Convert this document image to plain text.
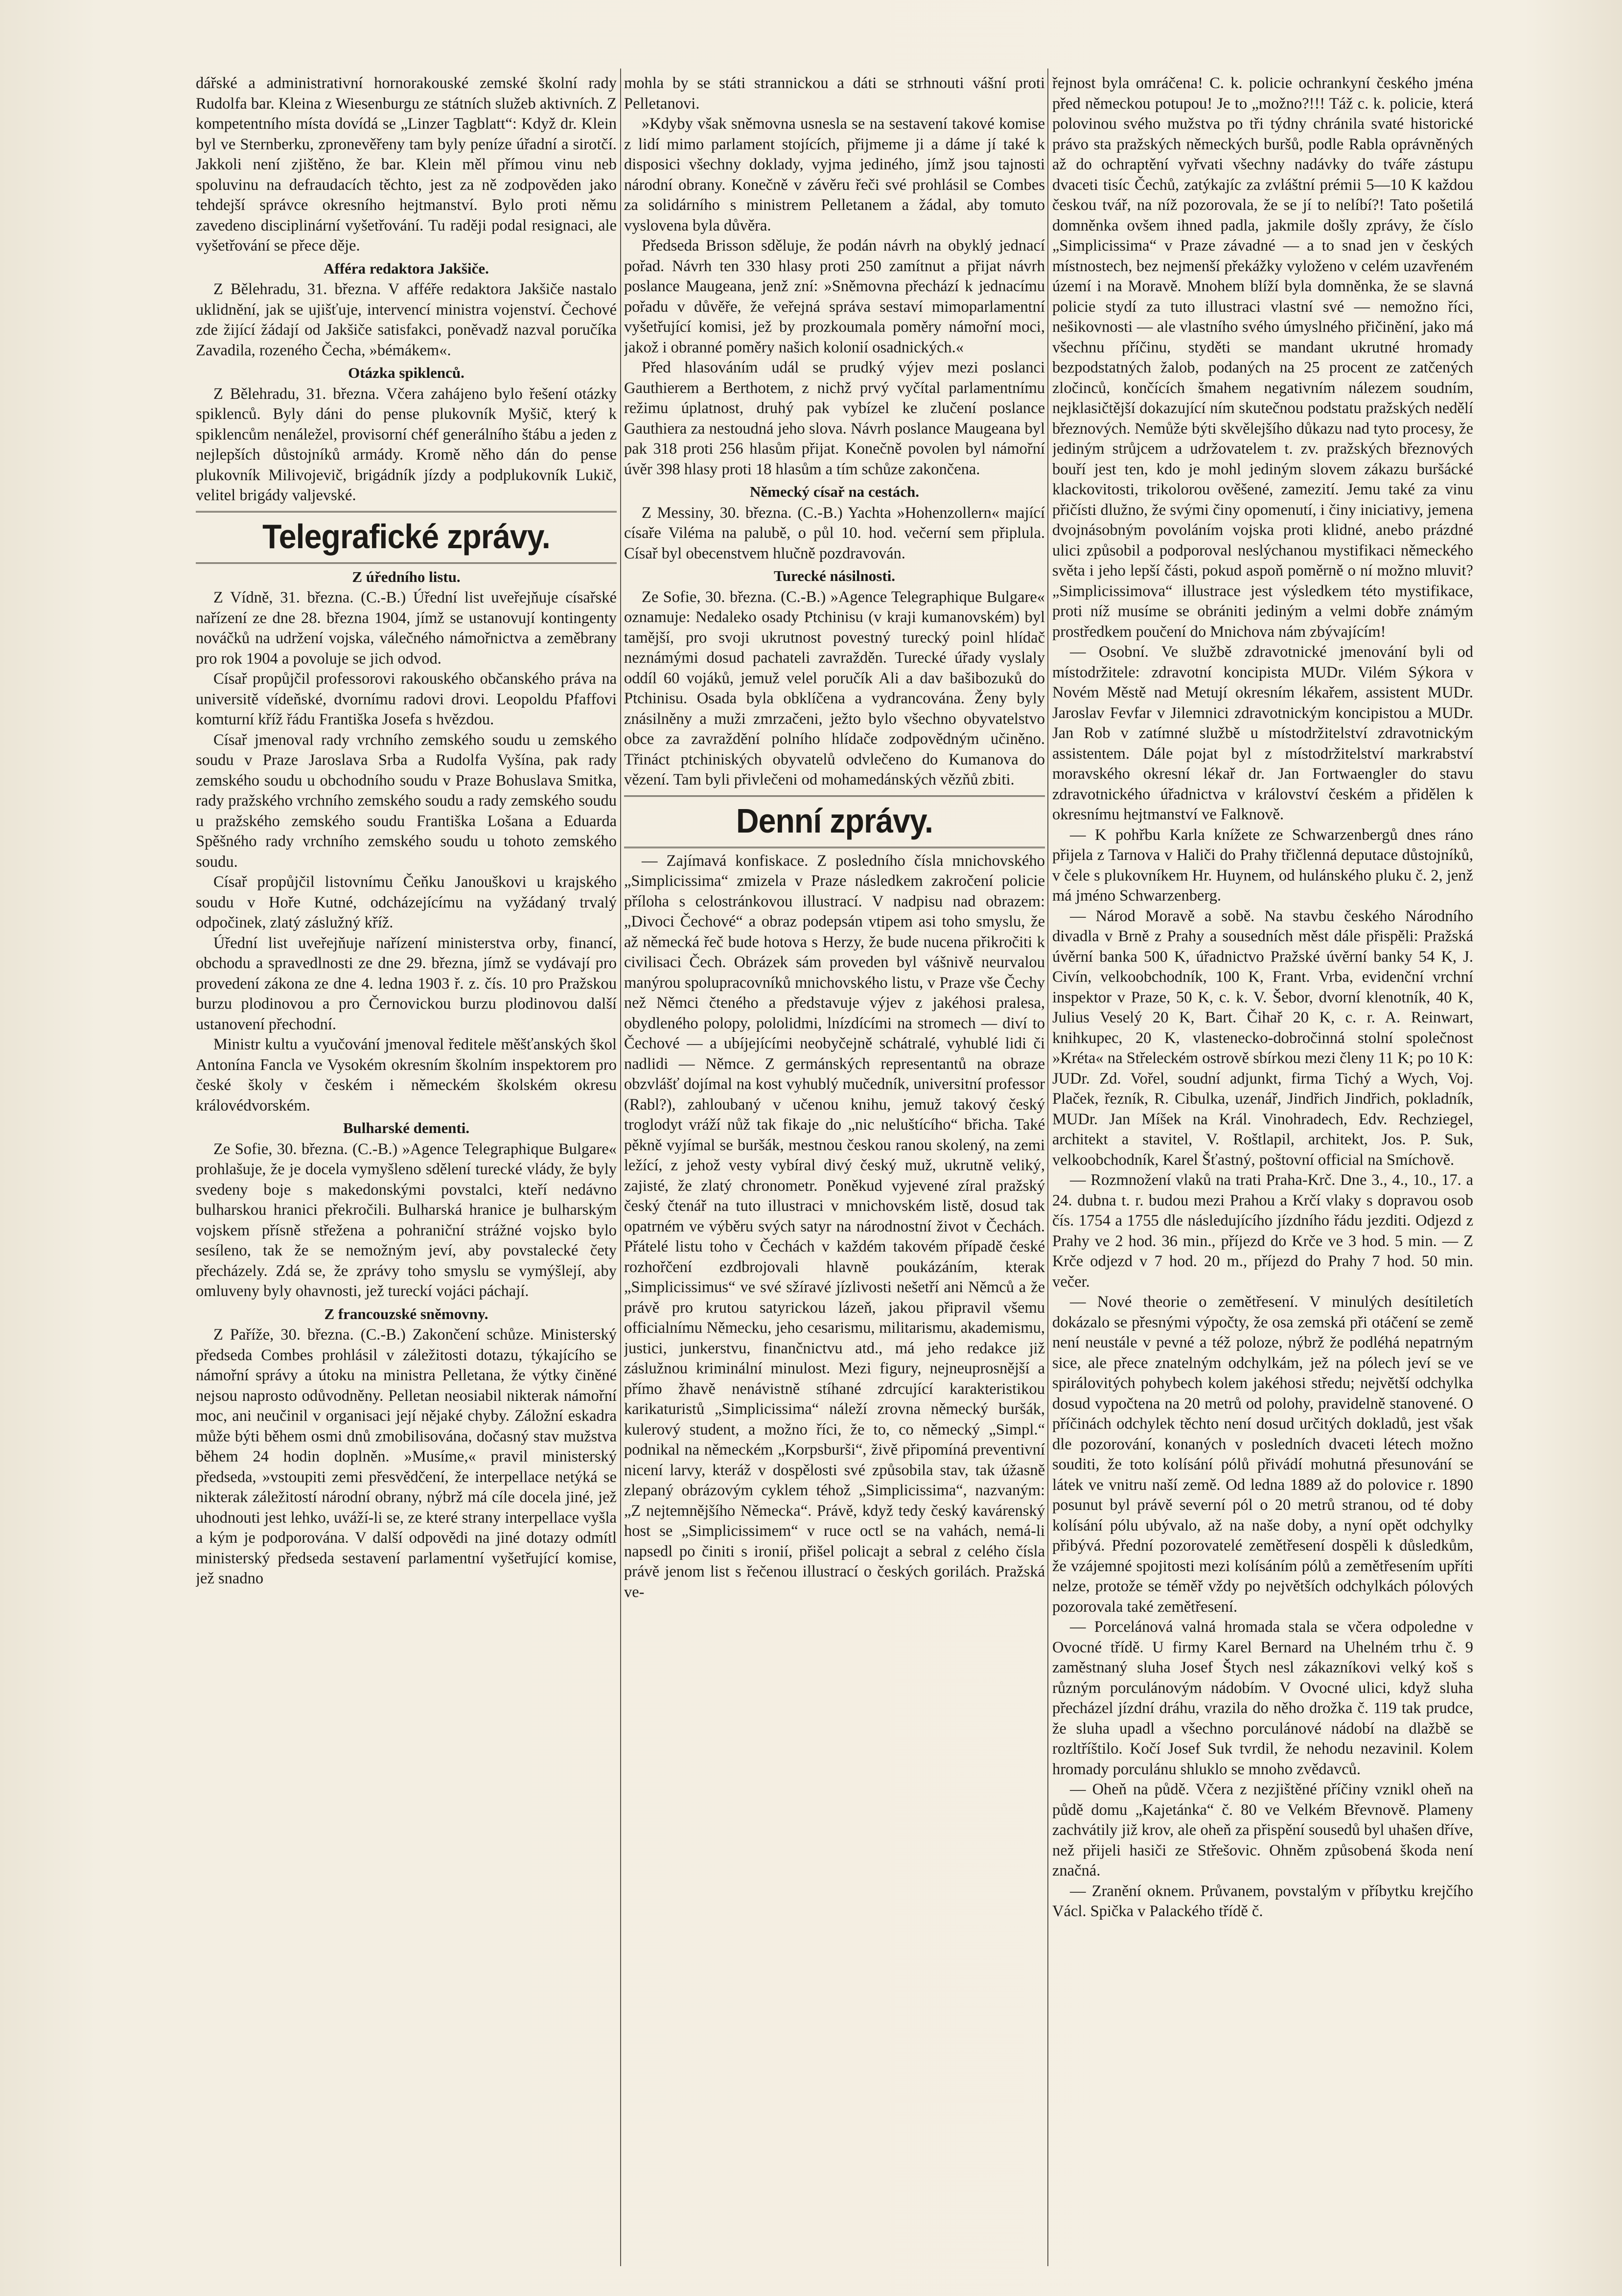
dářské a administrativní hornorakouské zemské školní rady Rudolfa bar. Kleina z Wiesenburgu ze státních služeb aktivních. Z kompetentního místa dovídá se „Linzer Tagblatt“: Když dr. Klein byl ve Sternberku, zpronevěřeny tam byly peníze úřadní a sirotčí. Jakkoli není zjištěno, že bar. Klein měl přímou vinu neb spoluvinu na defraudacích těchto, jest za ně zodpověden jako tehdejší správce okresního hejtmanství. Bylo proti němu zavedeno disciplinární vyšetřování. Tu raději podal resignaci, ale vyšetřování se přece děje.

Afféra redaktora Jakšiče.

Z Bělehradu, 31. března. V afféře redaktora Jakšiče nastalo uklidnění, jak se ujišťuje, intervencí ministra vojenství. Čechové zde žijící žádají od Jakšiče satisfakci, poněvadž nazval poručíka Zavadila, rozeného Čecha, »bémákem«.

Otázka spiklenců.

Z Bělehradu, 31. března. Včera zahájeno bylo řešení otázky spiklenců. Byly dáni do pense plukovník Myšič, který k spiklencům nenáležel, provisorní chéf generálního štábu a jeden z nejlepších důstojníků armády. Kromě něho dán do pense plukovník Milivojevič, brigádník jízdy a podplukovník Lukič, velitel brigády valjevské.

Telegrafické zprávy.
Z úředního listu.

Z Vídně, 31. března. (C.-B.) Úřední list uveřejňuje císařské nařízení ze dne 28. března 1904, jímž se ustanovují kontingenty nováčků na udržení vojska, válečného námořnictva a zeměbrany pro rok 1904 a povoluje se jich odvod.

Císař propůjčil professorovi rakouského občanského práva na universitě vídeňské, dvornímu radovi drovi. Leopoldu Pfaffovi komturní kříž řádu Františka Josefa s hvězdou.

Císař jmenoval rady vrchního zemského soudu u zemského soudu v Praze Jaroslava Srba a Rudolfa Vyšína, pak rady zemského soudu u obchodního soudu v Praze Bohuslava Smitka, rady pražského vrchního zemského soudu a rady zemského soudu u pražského zemského soudu Františka Lošana a Eduarda Spěšného rady vrchního zemského soudu u tohoto zemského soudu.

Císař propůjčil listovnímu Čeňku Janouškovi u krajského soudu v Hoře Kutné, odcházejícímu na vyžádaný trvalý odpočinek, zlatý záslužný kříž.

Úřední list uveřejňuje nařízení ministerstva orby, financí, obchodu a spravedlnosti ze dne 29. března, jímž se vydávají pro provedení zákona ze dne 4. ledna 1903 ř. z. čís. 10 pro Pražskou burzu plodinovou a pro Černovickou burzu plodinovou další ustanovení přechodní.

Ministr kultu a vyučování jmenoval ředitele měšťanských škol Antonína Fancla ve Vysokém okresním školním inspektorem pro české školy v českém i německém školském okresu královédvorském.

Bulharské dementi.

Ze Sofie, 30. března. (C.-B.) »Agence Telegraphique Bulgare« prohlašuje, že je docela vymyšleno sdělení turecké vlády, že byly svedeny boje s makedonskými povstalci, kteří nedávno bulharskou hranici překročili. Bulharská hranice je bulharským vojskem přísně střežena a pohraniční strážné vojsko bylo sesíleno, tak že se nemožným jeví, aby povstalecké čety přecházely. Zdá se, že zprávy toho smyslu se vymýšlejí, aby omluveny byly ohavnosti, jež tureckí vojáci páchají.

Z francouzské sněmovny.

Z Paříže, 30. března. (C.-B.) Zakončení schůze. Ministerský předseda Combes prohlásil v záležitosti dotazu, týkajícího se námořní správy a útoku na ministra Pelletana, že výtky činěné nejsou naprosto odůvodněny. Pelletan neosiabil nikterak námořní moc, ani neučinil v organisaci její nějaké chyby. Záložní eskadra může býti během osmi dnů zmobilisována, dočasný stav mužstva během 24 hodin doplněn. »Musíme,« pravil ministerský předseda, »vstoupiti zemi přesvědčení, že interpellace netýká se nikterak záležitostí národní obrany, nýbrž má cíle docela jiné, jež uhodnouti jest lehko, uváží-li se, ze které strany interpellace vyšla a kým je podporována. V další odpovědi na jiné dotazy odmítl ministerský předseda sestavení parlamentní vyšetřující komise, jež snadno

mohla by se státi strannickou a dáti se strhnouti vášní proti Pelletanovi.

»Kdyby však sněmovna usnesla se na sestavení takové komise z lidí mimo parlament stojících, přijmeme ji a dáme jí také k disposici všechny doklady, vyjma jediného, jímž jsou tajnosti národní obrany. Konečně v závěru řeči své prohlásil se Combes za solidárního s ministrem Pelletanem a žádal, aby tomuto vyslovena byla důvěra.

Předseda Brisson sděluje, že podán návrh na obyklý jednací pořad. Návrh ten 330 hlasy proti 250 zamítnut a přijat návrh poslance Maugeana, jenž zní: »Sněmovna přechází k jednacímu pořadu v důvěře, že veřejná správa sestaví mimoparlamentní vyšetřující komisi, jež by prozkoumala poměry námořní moci, jakož i obranné poměry našich kolonií osadnických.«

Před hlasováním udál se prudký výjev mezi poslanci Gauthierem a Berthotem, z nichž prvý vyčítal parlamentnímu režimu úplatnost, druhý pak vybízel ke zlučení poslance Gauthiera za nestoudná jeho slova. Návrh poslance Maugeana byl pak 318 proti 256 hlasům přijat. Konečně povolen byl námořní úvěr 398 hlasy proti 18 hlasům a tím schůze zakončena.

Německý císař na cestách.

Z Messiny, 30. března. (C.-B.) Yachta »Hohenzollern« mající císaře Viléma na palubě, o půl 10. hod. večerní sem připlula. Císař byl obecenstvem hlučně pozdravován.

Turecké násilnosti.

Ze Sofie, 30. března. (C.-B.) »Agence Telegraphique Bulgare« oznamuje: Nedaleko osady Ptchinisu (v kraji kumanovském) byl tamější, pro svoji ukrutnost povestný turecký poinl hlídač neznámými dosud pachateli zavražděn. Turecké úřady vyslaly oddíl 60 vojáků, jemuž velel poručík Ali a dav bašibozuků do Ptchinisu. Osada byla obklíčena a vydrancována. Ženy byly znásilněny a muži zmrzačeni, ježto bylo všechno obyvatelstvo obce za zavraždění polního hlídače zodpovědným učiněno. Třináct ptchiniských obyvatelů odvlečeno do Kumanova do vězení. Tam byli přivlečeni od mohamedánských vězňů zbiti.

Denní zprávy.

— Zajímavá konfiskace. Z posledního čísla mnichovského „Simplicissima“ zmizela v Praze následkem zakročení policie příloha s celostránkovou illustrací. V nadpisu nad obrazem: „Divoci Čechové“ a obraz podepsán vtipem asi toho smyslu, že až německá řeč bude hotova s Herzy, že bude nucena přikročiti k civilisaci Čech. Obrázek sám proveden byl vášnivě neurvalou manýrou spolupracovníků mnichovského listu, v Praze vše Čechy než Němci čteného a představuje výjev z jakéhosi pralesa, obydleného polopy, pololidmi, lnízdícími na stromech — diví to Čechové — a ubíjejícími neobyčejně schátralé, vyhublé lidi či nadlidi — Němce. Z germánských representantů na obraze obzvlášť dojímal na kost vyhublý mučedník, universitní professor (Rabl?), zahloubaný v učenou knihu, jemuž takový český troglodyt vráží nůž tak fikaje do „nic neluštícího“ břicha. Také pěkně vyjímal se buršák, mestnou českou ranou skolený, na zemi ležící, z jehož vesty vybíral divý český muž, ukrutně veliký, zajisté, že zlatý chronometr. Poněkud vyjevené zíral pražský český čtenář na tuto illustraci v mnichovském listě, dosud tak opatrném ve výběru svých satyr na národnostní život v Čechách. Přátelé listu toho v Čechách v každém takovém případě české rozhořčení ezdbrojovali hlavně poukázáním, kterak „Simplicissimus“ ve své sžíravé jízlivosti nešetří ani Němců a že právě pro krutou satyrickou lázeň, jakou připravil všemu officialnímu Německu, jeho cesarismu, militarismu, akademismu, justici, junkerstvu, finančnictvu atd., má jeho redakce již záslužnou kriminální minulost. Mezi figury, nejneuprosnější a přímo žhavě nenávistně stíhané zdrcující karakteristikou karikaturistů „Simplicissima“ náleží zrovna německý buršák, kulerový student, a možno říci, že to, co německý „Simpl.“ podnikal na německém „Korpsburši“, živě připomíná preventivní nicení larvy, kteráž v dospělosti své způsobila stav, tak úžasně zlepaný obrázovým cyklem téhož „Simplicissima“, nazvaným: „Z nejtemnějšího Německa“. Právě, když tedy český kavárenský host se „Simplicissimem“ v ruce octl se na vahách, nemá-li napsedl po činiti s ironií, přišel policajt a sebral z celého čísla právě jenom list s řečenou illustrací o českých gorilách. Pražská ve-

řejnost byla omráčena! C. k. policie ochrankyní českého jména před německou potupou! Je to „možno?!!! Táž c. k. policie, která polovinou svého mužstva po tři týdny chránila svaté historické právo sta pražských německých buršů, podle Rabla oprávněných až do ochraptění vyřvati všechny nadávky do tváře zástupu dvaceti tisíc Čechů, zatýkajíc za zvláštní prémii 5—10 K každou českou tvář, na níž pozorovala, že se jí to nelíbí?! Tato pošetilá domněnka ovšem ihned padla, jakmile došly zprávy, že číslo „Simplicissima“ v Praze závadné — a to snad jen v českých místnostech, bez nejmenší překážky vyloženo v celém uzavřeném území i na Moravě. Mnohem blíží byla domněnka, že se slavná policie stydí za tuto illustraci vlastní své — nemožno říci, nešikovnosti — ale vlastního svého úmyslného přičinění, jako má všechnu příčinu, styděti se mandant ukrutné hromady bezpodstatných žalob, podaných na 25 procent ze zatčených zločinců, končících šmahem negativním nálezem soudním, nejklasičtější dokazující ním skutečnou podstatu pražských nedělí březnových. Nemůže býti skvělejšího důkazu nad tyto procesy, že jediným strůjcem a udržovatelem t. zv. pražských březnových bouří jest ten, kdo je mohl jediným slovem zákazu buršácké klackovitosti, trikolorou ověšené, zamezití. Jemu také za vinu přičísti dlužno, že svými činy opomenutí, i činy iniciativy, jemena dvojnásobným povoláním vojska proti klidné, anebo prázdné ulici způsobil a podporoval neslýchanou mystifikaci německého světa i jeho lepší části, pokud aspoň poměrně o ní možno mluvit? „Simplicissimova“ illustrace jest výsledkem této mystifikace, proti níž musíme se obrániti jediným a velmi dobře známým prostředkem poučení do Mnichova nám zbývajícím!

— Osobní. Ve službě zdravotnické jmenování byli od místodržitele: zdravotní koncipista MUDr. Vilém Sýkora v Novém Městě nad Metují okresním lékařem, assistent MUDr. Jaroslav Fevfar v Jilemnici zdravotnickým koncipistou a MUDr. Jan Rob v zatímné službě u místodržitelství zdravotnickým assistentem. Dále pojat byl z místodržitelství markrabství moravského okresní lékař dr. Jan Fortwaengler do stavu zdravotnického úřadnictva v království českém a přidělen k okresnímu hejtmanství ve Falknově.

— K pohřbu Karla knížete ze Schwarzenbergů dnes ráno přijela z Tarnova v Haliči do Prahy třičlenná deputace důstojníků, v čele s plukovníkem Hr. Huynem, od hulánského pluku č. 2, jenž má jméno Schwarzenberg.

— Národ Moravě a sobě. Na stavbu českého Národního divadla v Brně z Prahy a sousedních měst dále přispěli: Pražská úvěrní banka 500 K, úřadnictvo Pražské úvěrní banky 54 K, J. Civín, velkoobchodník, 100 K, Frant. Vrba, evidenční vrchní inspektor v Praze, 50 K, c. k. V. Šebor, dvorní klenotník, 40 K, Julius Veselý 20 K, Bart. Čihař 20 K, c. r. A. Reinwart, knihkupec, 20 K, vlastenecko-dobročinná stolní společnost »Kréta« na Střeleckém ostrově sbírkou mezi členy 11 K; po 10 K: JUDr. Zd. Vořel, soudní adjunkt, firma Tichý a Wych, Voj. Plaček, řezník, R. Cibulka, uzenář, Jindřich Jindřich, pokladník, MUDr. Jan Míšek na Král. Vinohradech, Edv. Rechziegel, architekt a stavitel, V. Roštlapil, architekt, Jos. P. Suk, velkoobchodník, Karel Šťastný, poštovní official na Smíchově.

— Rozmnožení vlaků na trati Praha-Krč. Dne 3., 4., 10., 17. a 24. dubna t. r. budou mezi Prahou a Krčí vlaky s dopravou osob čís. 1754 a 1755 dle následujícího jízdního řádu jezditi. Odjezd z Prahy ve 2 hod. 36 min., příjezd do Krče ve 3 hod. 5 min. — Z Krče odjezd v 7 hod. 20 m., příjezd do Prahy 7 hod. 50 min. večer.

— Nové theorie o zemětřesení. V minulých desítiletích dokázalo se přesnými výpočty, že osa zemská při otáčení se země není neustále v pevné a též poloze, nýbrž že podléhá nepatrným sice, ale přece znatelným odchylkám, jež na pólech jeví se ve spirálovitých pohybech kolem jakéhosi středu; největší odchylka dosud vypočtena na 20 metrů od polohy, pravidelně stanovené. O příčinách odchylek těchto není dosud určitých dokladů, jest však dle pozorování, konaných v posledních dvaceti létech možno souditi, že toto kolísání pólů přivádí mohutná přesunování se látek ve vnitru naší země. Od ledna 1889 až do polovice r. 1890 posunut byl právě severní pól o 20 metrů stranou, od té doby kolísání pólu ubývalo, až na naše doby, a nyní opět odchylky přibývá. Přední pozorovatelé zemětřesení dospěli k důsledkům, že vzájemné spojitosti mezi kolísáním pólů a zemětřesením upříti nelze, protože se téměř vždy po největších odchylkách pólových pozorovala také zemětřesení.

— Porcelánová valná hromada stala se včera odpoledne v Ovocné třídě. U firmy Karel Bernard na Uhelném trhu č. 9 zaměstnaný sluha Josef Štych nesl zákazníkovi velký koš s různým porculánovým nádobím. V Ovocné ulici, když sluha přecházel jízdní dráhu, vrazila do něho drožka č. 119 tak prudce, že sluha upadl a všechno porculánové nádobí na dlažbě se rozltříštilo. Kočí Josef Suk tvrdil, že nehodu nezavinil. Kolem hromady porculánu shluklo se mnoho zvědavců.

— Oheň na půdě. Včera z nezjištěné příčiny vznikl oheň na půdě domu „Kajetánka“ č. 80 ve Velkém Břevnově. Plameny zachvátily již krov, ale oheň za přispění sousedů byl uhašen dříve, než přijeli hasiči ze Střešovic. Ohněm způsobená škoda není značná.

— Zranění oknem. Průvanem, povstalým v příbytku krejčího Václ. Spička v Palackého třídě č.
